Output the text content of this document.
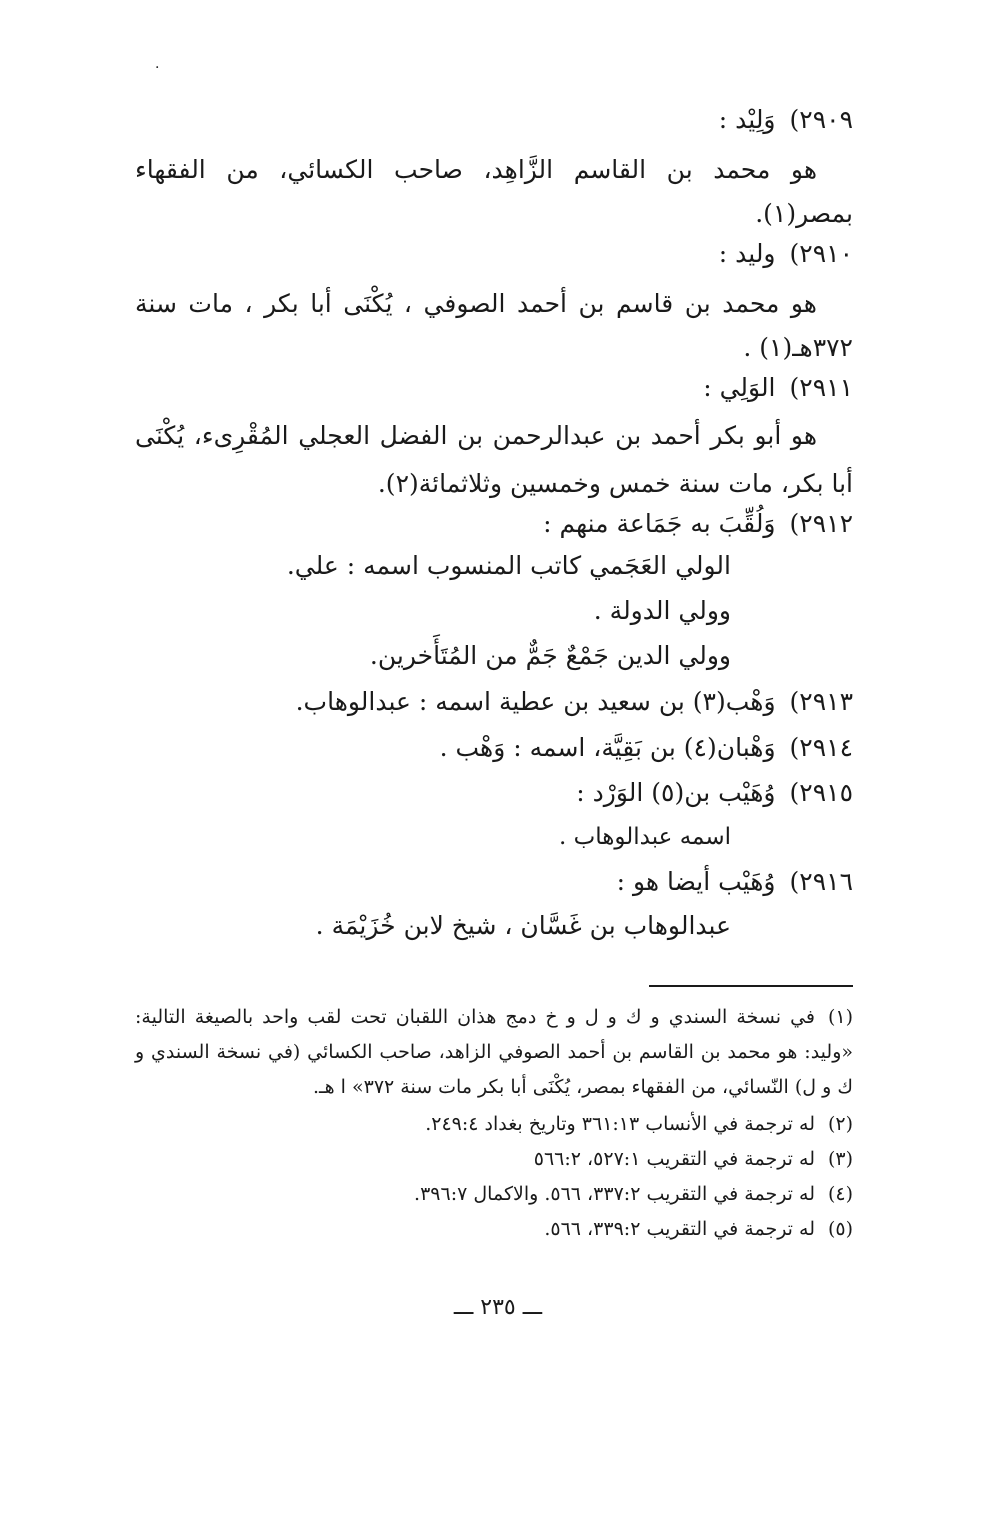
·
٢٩٠٩)وَلِيْد :
هو محمد بن القاسم الزَّاهِد، صاحب الكسائي، من الفقهاء بمصر(١).
٢٩١٠)وليد :
هو محمد بن قاسم بن أحمد الصوفي ، يُكْنَى أبا بكر ، مات سنة ٣٧٢هـ(١) .
٢٩١١)الوَلِي :
هو أبو بكر أحمد بن عبدالرحمن بن الفضل العجلي المُقْرِىء، يُكْنَى أبا بكر، مات سنة خمس وخمسين وثلاثمائة(٢).
٢٩١٢)وَلُقِّبَ به جَمَاعة منهم :
الولي العَجَمي كاتب المنسوب اسمه : علي.
وولي الدولة .
وولي الدين جَمْعٌ جَمٌّ من المُتَأَخرين.
٢٩١٣)وَهْب(٣) بن سعيد بن عطية اسمه : عبدالوهاب.
٢٩١٤)وَهْبان(٤) بن بَقِيَّة، اسمه : وَهْب .
٢٩١٥)وُهَيْب بن(٥) الوَرْد :
اسمه عبدالوهاب .
٢٩١٦)وُهَيْب أيضا هو :
عبدالوهاب بن غَسَّان ، شيخ لابن خُزَيْمَة .
(١)في نسخة السندي و ك و ل و خ دمج هذان اللقبان تحت لقب واحد بالصيغة التالية: «وليد: هو محمد بن القاسم بن أحمد الصوفي الزاهد، صاحب الكسائي (في نسخة السندي و ك و ل) النّسائي، من الفقهاء بمصر، يُكْنَى أبا بكر مات سنة ٣٧٢» ا هـ.
(٢)له ترجمة في الأنساب ٣٦١:١٣ وتاريخ بغداد ٢٤٩:٤.
(٣)له ترجمة في التقريب ٥٢٧:١، ٥٦٦:٢
(٤)له ترجمة في التقريب ٣٣٧:٢، ٥٦٦. والاكمال ٣٩٦:٧.
(٥)له ترجمة في التقريب ٣٣٩:٢، ٥٦٦.
ـــ ٢٣٥ ـــ
